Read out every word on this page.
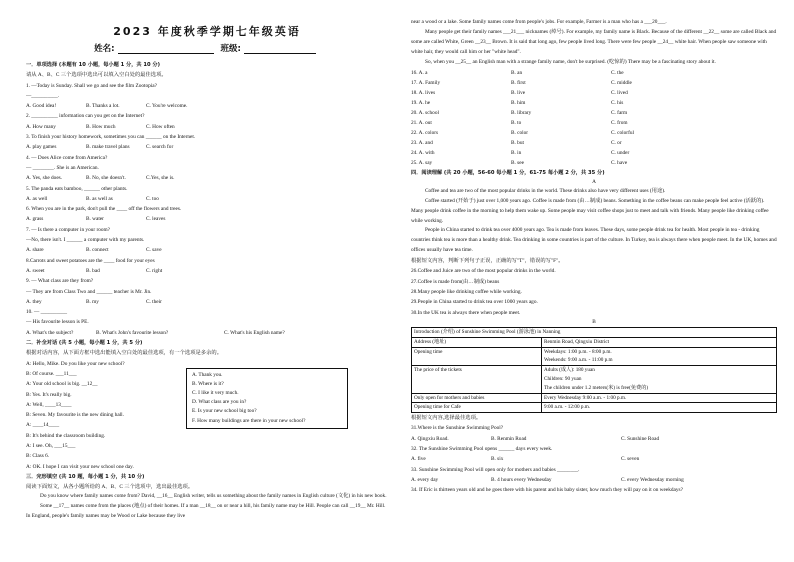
2023 年度秋季学期七年级英语
姓名:	班级:
一．单项选择 (本题有 10 小题，每小题 1 分，共 10 分)
请从 A、B、C 三个选项中选出可以填入空白处的最佳选项。
1. —Today is Sunday. Shall we go and see the film Zootopia?
—__________.
A. Good idea!	B. Thanks a lot.	C. You're welcome.
2. __________ information can you get on the Internet?
A. How many	B. How much	C. How often
3. To finish your history homework, sometimes you can ______ on the Internet.
A. play games	B. make travel plans	C. search for
4. — Does Alice come from America?
— ________. She is an American.
A. Yes, she does.	B. No, she doesn't.	C.Yes, she is.
5. The panda eats bamboo, ______ other plants.
A. as well	B. as well as	C. too
6. When you are in the park, don't pull the ____ off the flowers and trees.
A. grass	B. water	C. leaves
7. — Is there a computer in your room?
—No, there isn't. I ______ a computer with my parents.
A. share	B. connect	C. save
8.Carrots and sweet potatoes are the ____ food for your eyes
A. sweet	B. bad	C. right
9. — What class are they from?
— They are from Class Two and ______ teacher is Mr. Jin.
A. they	B. my	C. their
10. — __________
— His favourite lesson is PE.
A. What's the subject?	B. What's John's favourite lesson?	C. What's his English name?
二．补全对话 (共 5 小题，每小题 1 分，共 5 分)
根据对话内容，从下面方框中选出能填入空白处的最佳选项，有一个选项是多余的。
A: Hello, Mike. Do you like your new school?
B: Of course. ___11___
A: Your old school is big. __12__
B: Yes. It's really big.
A: Well, ____13____
B: Seven. My favourite is the new dining hall.
A: ____14____
B: It's behind the classroom building.
A: I see. Oh, ___15___
B: Class 6.
A: OK. I hope I can visit your new school one day.
A. Thank you.
B. Where is it?
C. I like it very much.
D. What class are you in?
E. Is your new school big too?
F. How many buildings are there in your new school?
三．完形填空 (共 10 题，每小题 1 分，共 10 分)
阅读下面短文，从各小题所给的 A、B、C 三个选项中，选出最佳选项。
Do you know where family names come from? David, __16__ English writer, tells us something about the family names in English culture (文化) in his new book.
Some __17__ names come from the places (地点) of their homes. If a man __18__ on or near a hill, his family name may be Hill. People can call __19__ Mr. Hill. In England, people's family names may be Wood or Lake because they live
near a wood or a lake. Some family names come from people's jobs. For example, Farmer is a man who has a ___20___.
Many people get their family names ___21___ nicknames (绰号). For example, my family name is Black. Because of the different __22__ some are called Black and some are called White, Green __23__ Brown. It is said that long ago, few people lived long. There were few people __24__ white hair. When people saw someone with white hair, they would call him or her "white head".
So, when you __25__ an English man with a strange family name, don't be surprised. (吃惊的) There may be a fascinating story about it.
16. A. a	B. an	C. the
17. A. Family	B. first	C. middle
18. A. lives	B. live	C. lived
19. A. he	B. him	C. his
20. A. school	B. library	C. farm
21. A. out	B. to	C. from
22. A. colors	B. color	C. colorful
23. A. and	B. but	C. or
24. A. with	B. in	C. under
25. A. say	B. see	C. have
四．阅读理解 (共 20 小题，56-60 每小题 1 分，61-75 每小题 2 分，共 35 分)
A
Coffee and tea are two of the most popular drinks in the world. These drinks also have very different uses (用途).
Coffee started (开始于) just over 1,000 years ago. Coffee is made from (由…制成) beans. Something in the coffee beans can make people feel active (活跃的). Many people drink coffee in the morning to help them wake up. Some people may visit coffee shops just to meet and talk with friends. Many people like drinking coffee while working.
People in China started to drink tea over 4000 years ago. Tea is made from leaves. These days, some people drink tea for health. Most people in tea - drinking countries think tea is more than a healthy drink. Tea drinking in some countries is part of the culture. In Turkey, tea is always there when people meet. In the UK, homes and offices usually have tea time.
根据短文内容，判断下列句子正误，正确的写"T"，错误的写"F"。
26.Coffee and Juice are two of the most popular drinks in the world.
27.Coffee is made from(由…制成) beans
28.Many people like drinking coffee while working.
29.People in China started to drink tea over 1000 years ago.
30.In the UK tea is always there when people meet.
B
Introduction (介绍) of Sunshine Swimming Pool (游泳池) in Nanning	
Address (地址)	Renmin Road, Qingxiu District

Opening time	Weekdays: 1:00 p.m. - 8:00 p.m.
Weekends: 9:00 a.m. - 11:00 p.m

The price of the tickets	Adults (成人): 180 yuan
Children: 90 yuan
The children under 1.2 meters(米) is free(免费的)

Only open for mothers and babies	Every Wednesday 9:00 a.m. - 1:00 p.m.

Opening time for Cafe	9:00 a.m. - 12:00 p.m.
根据短文内容,选择最佳选项。
31.Where is the Sunshine Swimming Pool?
A. Qingxiu Road.	B. Renmin Road	C. Sunshine Road
32. The Sunshine Swimming Pool opens ______ days every week.
A. five	B. six	C. seven
33. Sunshine Swimming Pool will open only for mothers and babies ________.
A. every day	B. 4 hours every Wednesday	C. every Wednesday morning
34. If Eric is thirteen years old and he goes there with his parent and his baby sister, how much they will pay on it on weekdays?
